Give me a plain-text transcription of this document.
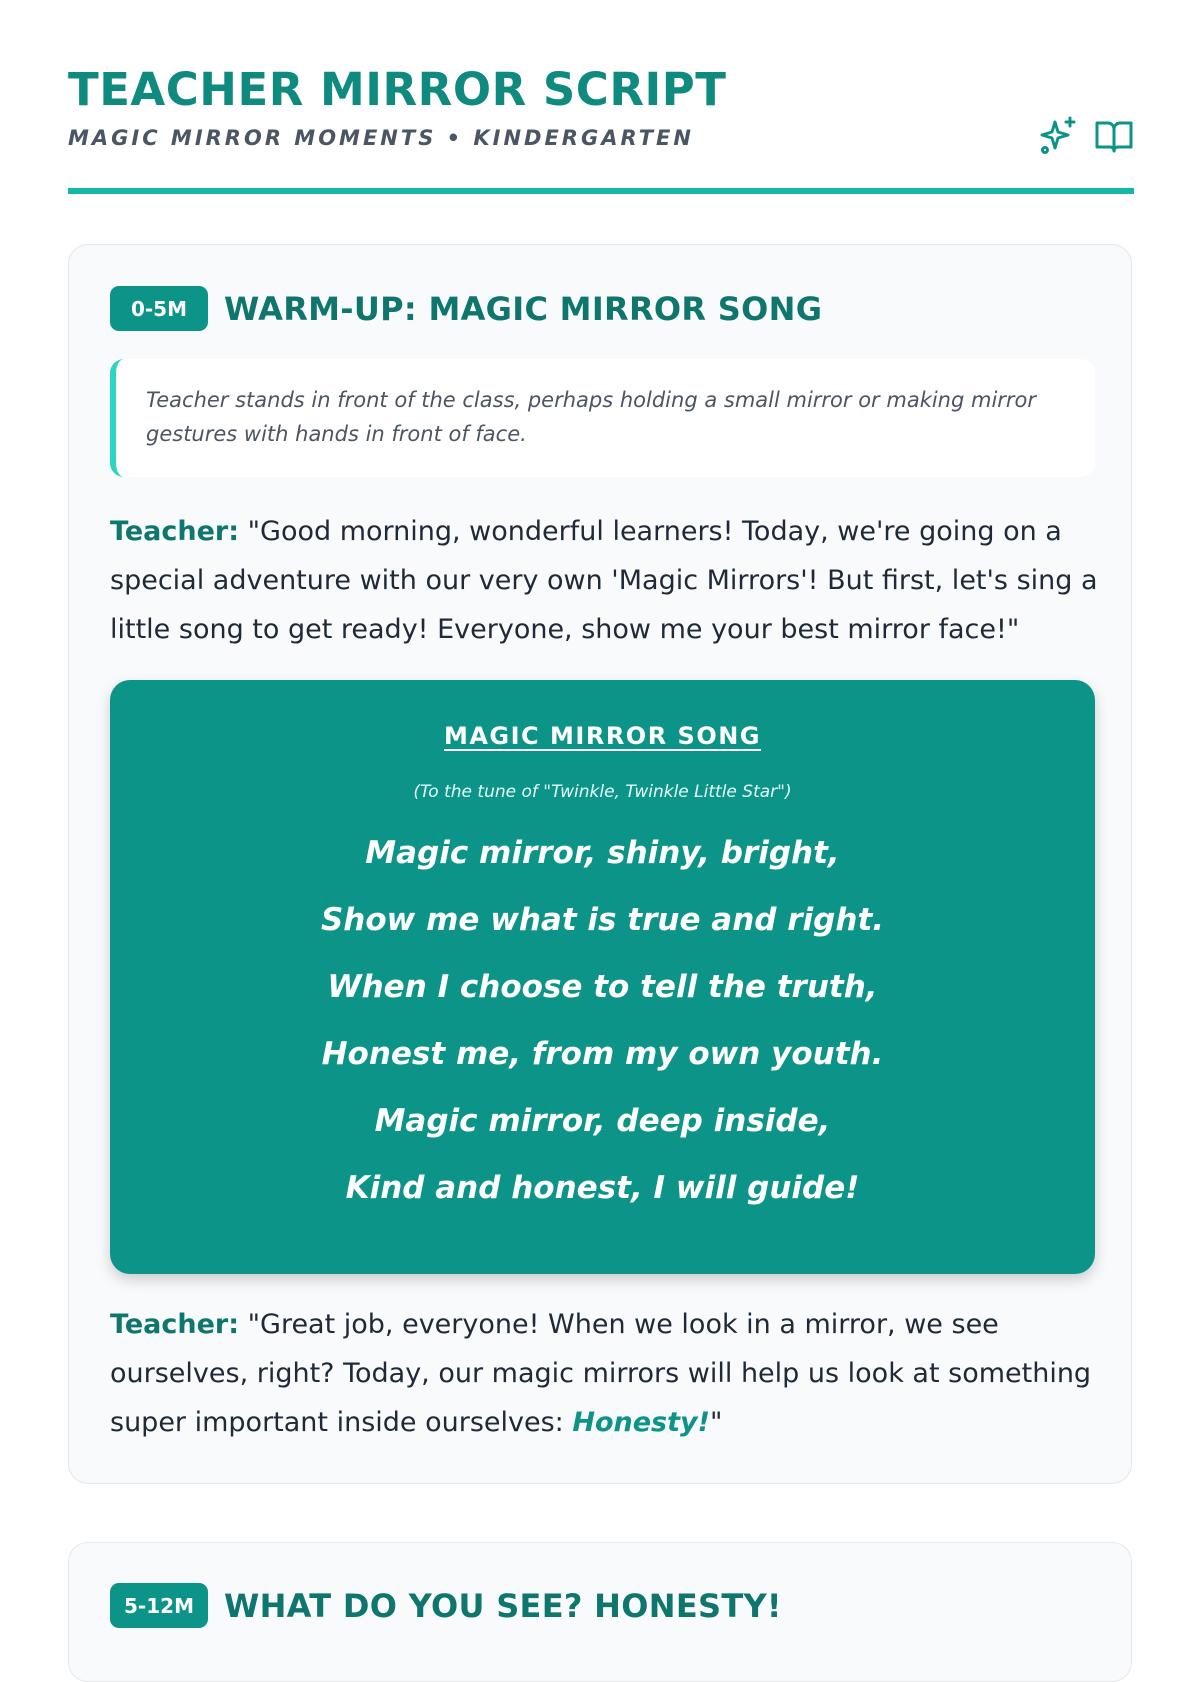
TEACHER MIRROR SCRIPT
MAGIC MIRROR MOMENTS • KINDERGARTEN
0-5M	WARM-UP: MAGIC MIRROR SONG
Teacher stands in front of the class, perhaps holding a small mirror or making mirror gestures with hands in front of face.
Teacher: "Good morning, wonderful learners! Today, we're going on a special adventure with our very own 'Magic Mirrors'! But first, let's sing a little song to get ready! Everyone, show me your best mirror face!"
MAGIC MIRROR SONG
(To the tune of "Twinkle, Twinkle Little Star")
Magic mirror, shiny, bright,
Show me what is true and right.
When I choose to tell the truth,
Honest me, from my own youth.
Magic mirror, deep inside,
Kind and honest, I will guide!
Teacher: "Great job, everyone! When we look in a mirror, we see ourselves, right? Today, our magic mirrors will help us look at something super important inside ourselves: Honesty!"
5-12M WHAT DO YOU SEE? HONESTY!
